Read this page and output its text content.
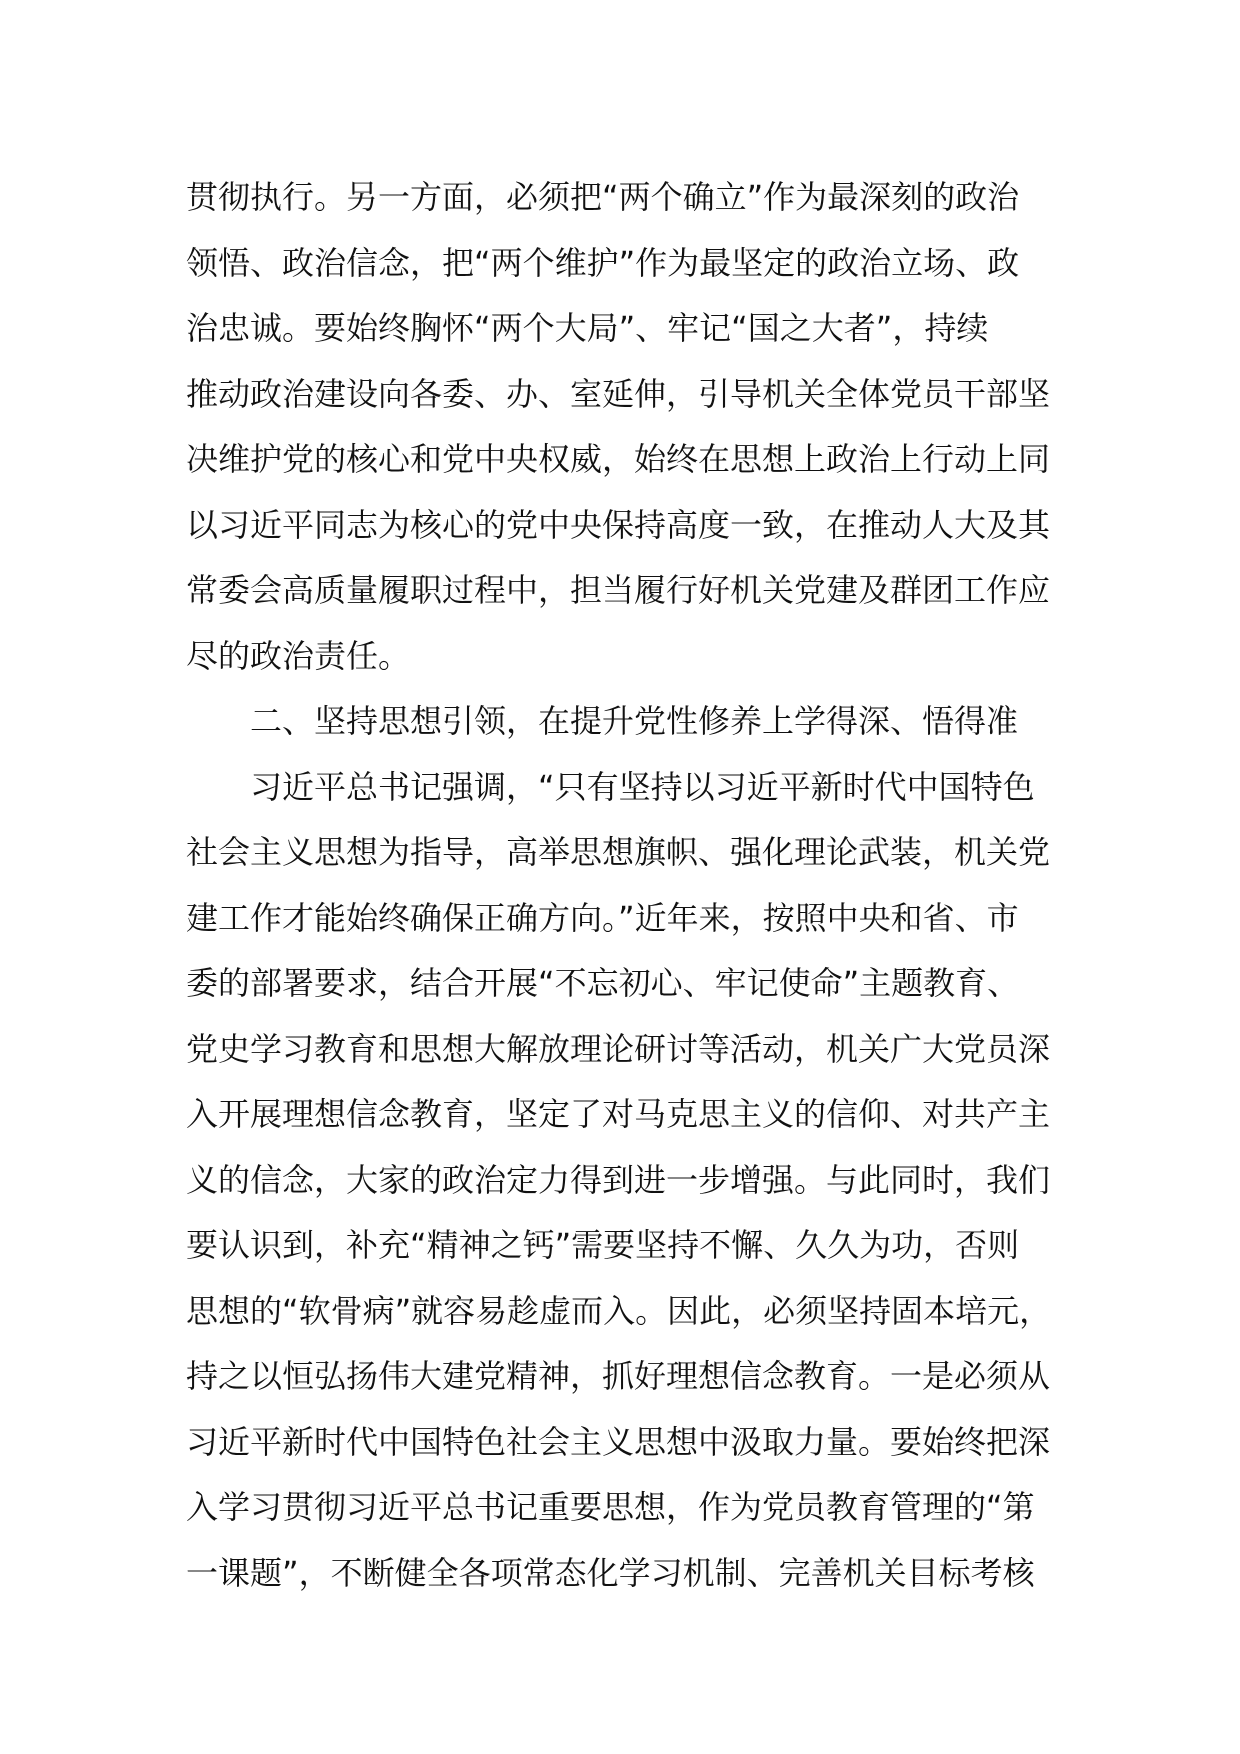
贯彻执行。另一方面，必须把“两个确立”作为最深刻的政治
领悟、政治信念，把“两个维护”作为最坚定的政治立场、政
治忠诚。要始终胸怀“两个大局”、牢记“国之大者”，持续
推动政治建设向各委、办、室延伸，引导机关全体党员干部坚
决维护党的核心和党中央权威，始终在思想上政治上行动上同
以习近平同志为核心的党中央保持高度一致，在推动人大及其
常委会高质量履职过程中，担当履行好机关党建及群团工作应
尽的政治责任。
二、坚持思想引领，在提升党性修养上学得深、悟得准
习近平总书记强调，“只有坚持以习近平新时代中国特色
社会主义思想为指导，高举思想旗帜、强化理论武装，机关党
建工作才能始终确保正确方向。”近年来，按照中央和省、市
委的部署要求，结合开展“不忘初心、牢记使命”主题教育、
党史学习教育和思想大解放理论研讨等活动，机关广大党员深
入开展理想信念教育，坚定了对马克思主义的信仰、对共产主
义的信念，大家的政治定力得到进一步增强。与此同时，我们
要认识到，补充“精神之钙”需要坚持不懈、久久为功，否则
思想的“软骨病”就容易趁虚而入。因此，必须坚持固本培元，
持之以恒弘扬伟大建党精神，抓好理想信念教育。一是必须从
习近平新时代中国特色社会主义思想中汲取力量。要始终把深
入学习贯彻习近平总书记重要思想，作为党员教育管理的“第
一课题”，不断健全各项常态化学习机制、完善机关目标考核
